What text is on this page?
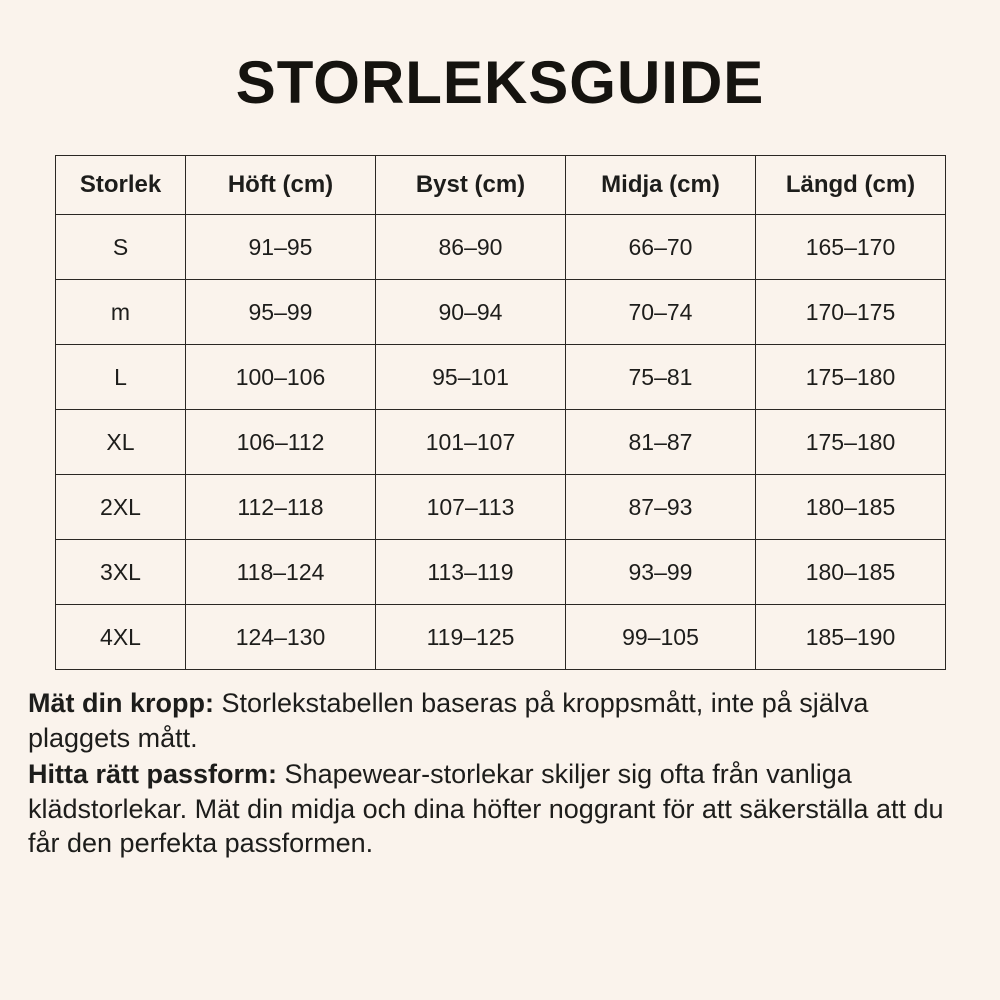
STORLEKSGUIDE
Storlek	Höft (cm)	Byst (cm)	Midja (cm)	Längd (cm)
S	91–95	86–90	66–70	165–170
m	95–99	90–94	70–74	170–175
L	100–106	95–101	75–81	175–180
XL	106–112	101–107	81–87	175–180
2XL	112–118	107–113	87–93	180–185
3XL	118–124	113–119	93–99	180–185
4XL	124–130	119–125	99–105	185–190

Mät din kropp: Storlekstabellen baseras på kroppsmått, inte på själva plaggets mått.

Hitta rätt passform: Shapewear-storlekar skiljer sig ofta från vanliga klädstorlekar. Mät din midja och dina höfter noggrant för att säkerställa att du får den perfekta passformen.
